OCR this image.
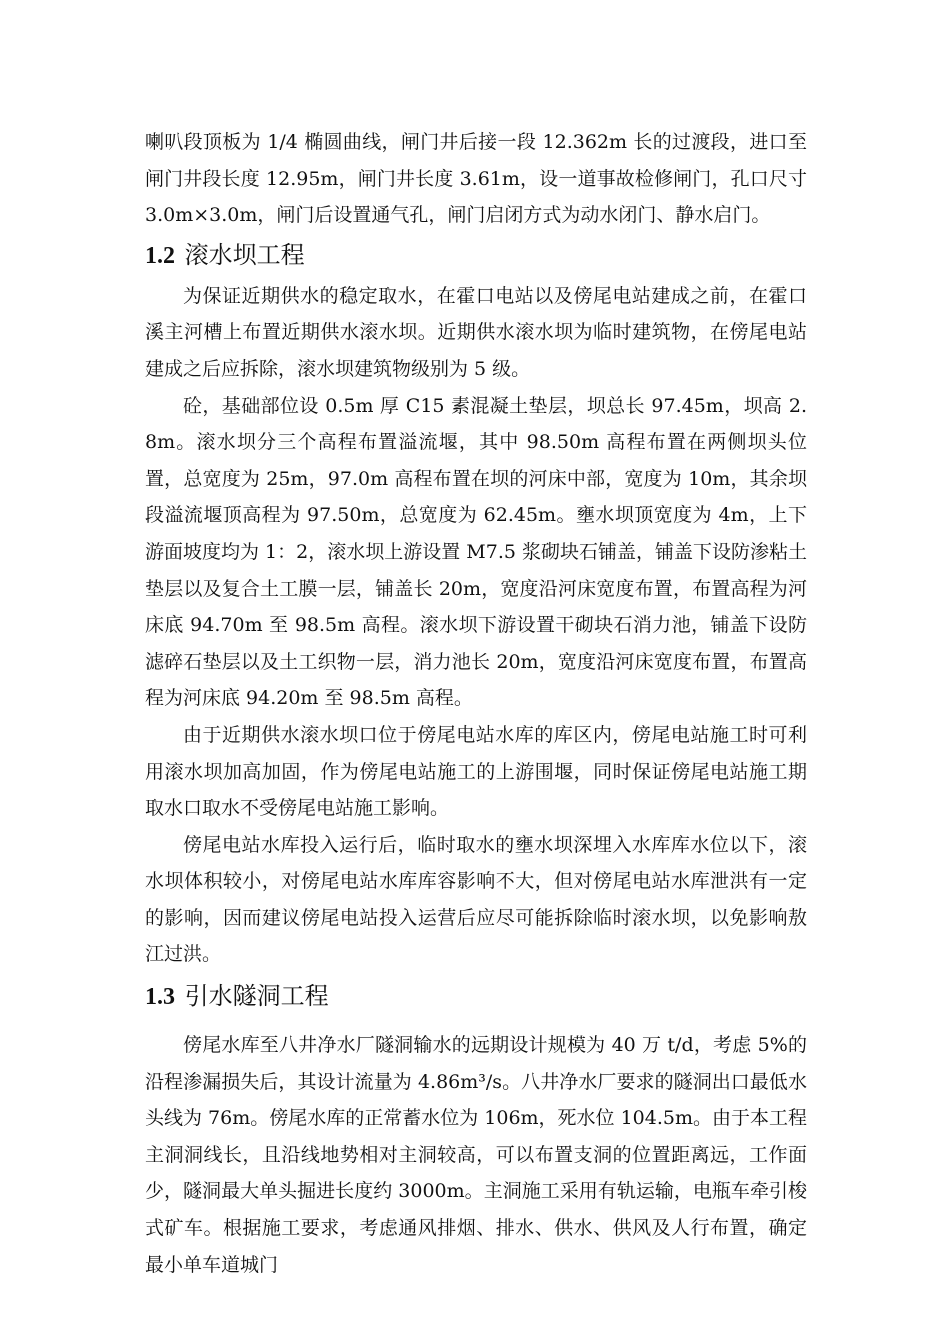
喇叭段顶板为 1/4 椭圆曲线，闸门井后接一段 12.362m 长的过渡段，进口至闸门井段长度 12.95m，闸门井长度 3.61m，设一道事故检修闸门，孔口尺寸 3.0m×3.0m，闸门后设置通气孔，闸门启闭方式为动水闭门、静水启门。

1.2 滚水坝工程

为保证近期供水的稳定取水，在霍口电站以及傍尾电站建成之前，在霍口溪主河槽上布置近期供水滚水坝。近期供水滚水坝为临时建筑物，在傍尾电站建成之后应拆除，滚水坝建筑物级别为 5 级。

砼，基础部位设 0.5m 厚 C15 素混凝土垫层，坝总长 97.45m，坝高 2.8m。滚水坝分三个高程布置溢流堰，其中 98.50m 高程布置在两侧坝头位置，总宽度为 25m，97.0m 高程布置在坝的河床中部，宽度为 10m，其余坝段溢流堰顶高程为 97.50m，总宽度为 62.45m。壅水坝顶宽度为 4m，上下游面坡度均为 1：2，滚水坝上游设置 M7.5 浆砌块石铺盖，铺盖下设防渗粘土垫层以及复合土工膜一层，铺盖长 20m，宽度沿河床宽度布置，布置高程为河床底 94.70m 至 98.5m 高程。滚水坝下游设置干砌块石消力池，铺盖下设防滤碎石垫层以及土工织物一层，消力池长 20m，宽度沿河床宽度布置，布置高程为河床底 94.20m 至 98.5m 高程。

由于近期供水滚水坝口位于傍尾电站水库的库区内，傍尾电站施工时可利用滚水坝加高加固，作为傍尾电站施工的上游围堰，同时保证傍尾电站施工期取水口取水不受傍尾电站施工影响。

傍尾电站水库投入运行后，临时取水的壅水坝深埋入水库库水位以下，滚水坝体积较小，对傍尾电站水库库容影响不大，但对傍尾电站水库泄洪有一定的影响，因而建议傍尾电站投入运营后应尽可能拆除临时滚水坝，以免影响敖江过洪。

1.3 引水隧洞工程

傍尾水库至八井净水厂隧洞输水的远期设计规模为 40 万 t/d，考虑 5%的沿程渗漏损失后，其设计流量为 4.86m³/s。八井净水厂要求的隧洞出口最低水头线为 76m。傍尾水库的正常蓄水位为 106m，死水位 104.5m。由于本工程主洞洞线长，且沿线地势相对主洞较高，可以布置支洞的位置距离远，工作面少，隧洞最大单头掘进长度约 3000m。主洞施工采用有轨运输，电瓶车牵引梭式矿车。根据施工要求，考虑通风排烟、排水、供水、供风及人行布置，确定最小单车道城门
